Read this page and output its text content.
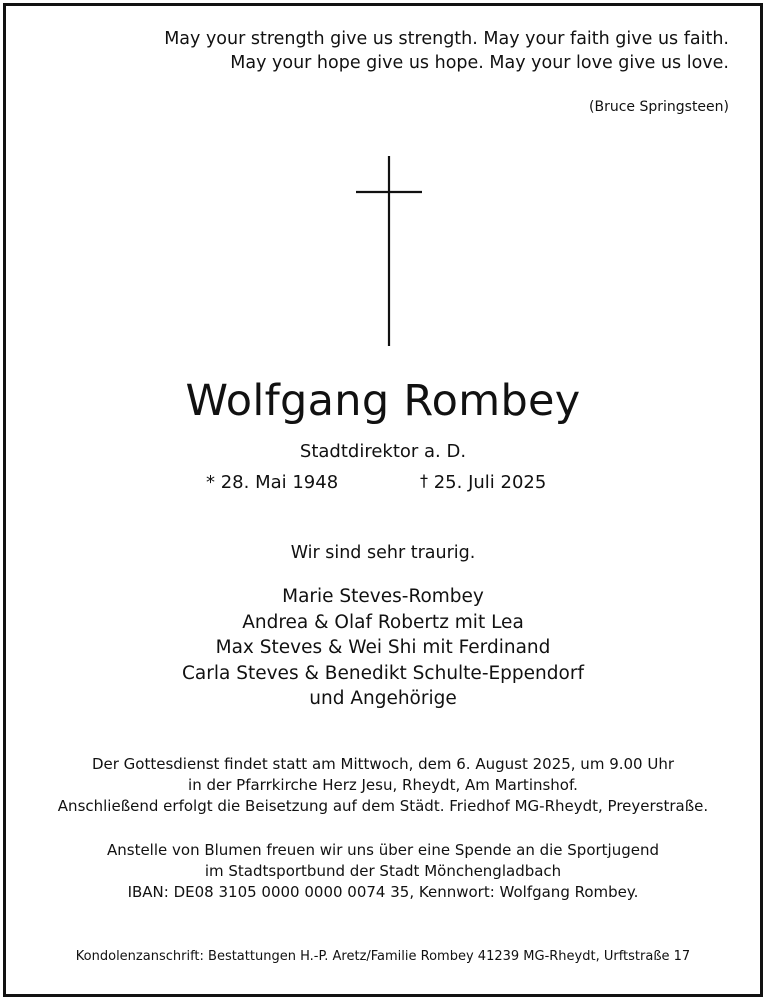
May your strength give us strength. May your faith give us faith.
May your hope give us hope. May your love give us love.
(Bruce Springsteen)
Wolfgang Rombey
Stadtdirektor a. D.
* 28. Mai 1948	† 25. Juli 2025
Wir sind sehr traurig.
Marie Steves-Rombey
Andrea & Olaf Robertz mit Lea
Max Steves & Wei Shi mit Ferdinand
Carla Steves & Benedikt Schulte-Eppendorf
und Angehörige
Der Gottesdienst findet statt am Mittwoch, dem 6. August 2025, um 9.00 Uhr
in der Pfarrkirche Herz Jesu, Rheydt, Am Martinshof.
Anschließend erfolgt die Beisetzung auf dem Städt. Friedhof MG-Rheydt, Preyerstraße.
Anstelle von Blumen freuen wir uns über eine Spende an die Sportjugend
im Stadtsportbund der Stadt Mönchengladbach
IBAN: DE08 3105 0000 0000 0074 35, Kennwort: Wolfgang Rombey.
Kondolenzanschrift: Bestattungen H.-P. Aretz/Familie Rombey 41239 MG-Rheydt, Urftstraße 17
